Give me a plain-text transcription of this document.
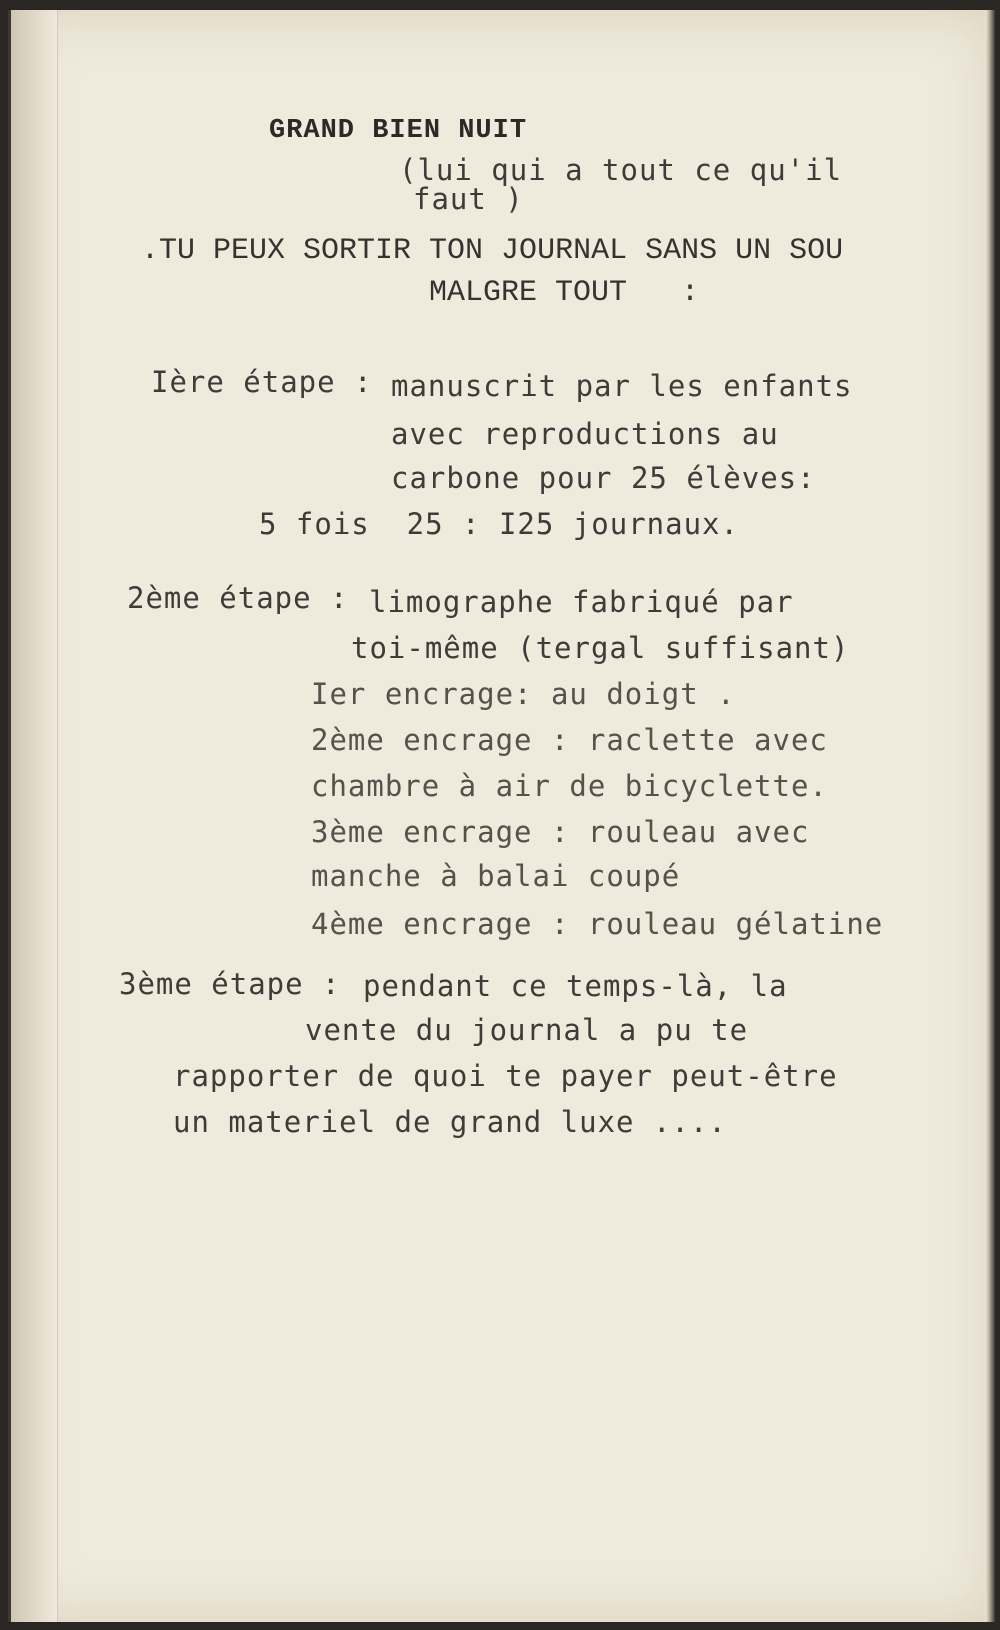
GRAND BIEN NUIT
(lui qui a tout ce qu'il
faut )
.TU PEUX SORTIR TON JOURNAL SANS UN SOU
MALGRE TOUT   :
Ière étape : manuscrit par les enfants
avec reproductions au
carbone pour 25 élèves:
5 fois  25 : I25 journaux.
2ème étape : limographe fabriqué par
toi-même (tergal suffisant)
Ier encrage: au doigt .
2ème encrage : raclette avec
chambre à air de bicyclette.
3ème encrage : rouleau avec
manche à balai coupé
4ème encrage : rouleau gélatine
3ème étape : pendant ce temps-là, la
vente du journal a pu te
rapporter de quoi te payer peut-être
un materiel de grand luxe ....
